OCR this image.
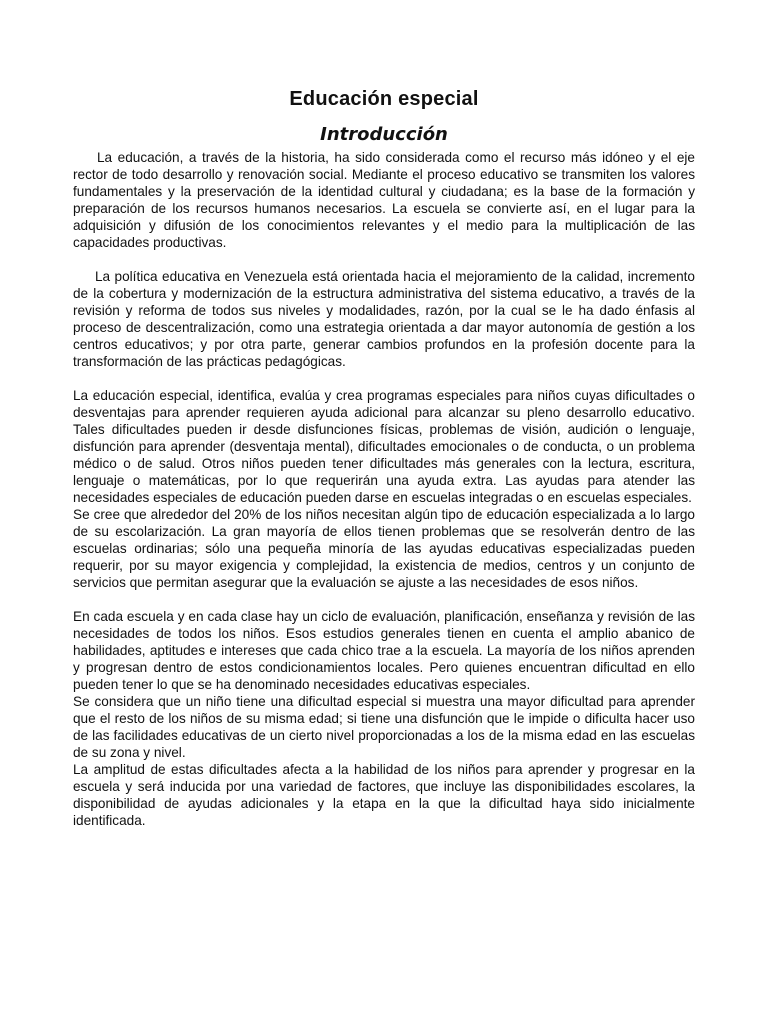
Educación especial
Introducción

La educación, a través de la historia, ha sido considerada como el recurso más idóneo y el eje rector de todo desarrollo y renovación social. Mediante el proceso educativo se transmiten los valores fundamentales y la preservación de la identidad cultural y ciudadana; es la base de la formación y preparación de los recursos humanos necesarios. La escuela se convierte así, en el lugar para la adquisición y difusión de los conocimientos relevantes y el medio para la multiplicación de las capacidades productivas.

La política educativa en Venezuela está orientada hacia el mejoramiento de la calidad, incremento de la cobertura y modernización de la estructura administrativa del sistema educativo, a través de la revisión y reforma de todos sus niveles y modalidades, razón, por la cual se le ha dado énfasis al proceso de descentralización, como una estrategia orientada a dar mayor autonomía de gestión a los centros educativos; y por otra parte, generar cambios profundos en la profesión docente para la transformación de las prácticas pedagógicas.

La educación especial, identifica, evalúa y crea programas especiales para niños cuyas dificultades o desventajas para aprender requieren ayuda adicional para alcanzar su pleno desarrollo educativo. Tales dificultades pueden ir desde disfunciones físicas, problemas de visión, audición o lenguaje, disfunción para aprender (desventaja mental), dificultades emocionales o de conducta, o un problema médico o de salud. Otros niños pueden tener dificultades más generales con la lectura, escritura, lenguaje o matemáticas, por lo que requerirán una ayuda extra. Las ayudas para atender las necesidades especiales de educación pueden darse en escuelas integradas o en escuelas especiales.

Se cree que alrededor del 20% de los niños necesitan algún tipo de educación especializada a lo largo de su escolarización. La gran mayoría de ellos tienen problemas que se resolverán dentro de las escuelas ordinarias; sólo una pequeña minoría de las ayudas educativas especializadas pueden requerir, por su mayor exigencia y complejidad, la existencia de medios, centros y un conjunto de servicios que permitan asegurar que la evaluación se ajuste a las necesidades de esos niños.

En cada escuela y en cada clase hay un ciclo de evaluación, planificación, enseñanza y revisión de las necesidades de todos los niños. Esos estudios generales tienen en cuenta el amplio abanico de habilidades, aptitudes e intereses que cada chico trae a la escuela. La mayoría de los niños aprenden y progresan dentro de estos condicionamientos locales. Pero quienes encuentran dificultad en ello pueden tener lo que se ha denominado necesidades educativas especiales.

Se considera que un niño tiene una dificultad especial si muestra una mayor dificultad para aprender que el resto de los niños de su misma edad; si tiene una disfunción que le impide o dificulta hacer uso de las facilidades educativas de un cierto nivel proporcionadas a los de la misma edad en las escuelas de su zona y nivel.

La amplitud de estas dificultades afecta a la habilidad de los niños para aprender y progresar en la escuela y será inducida por una variedad de factores, que incluye las disponibilidades escolares, la disponibilidad de ayudas adicionales y la etapa en la que la dificultad haya sido inicialmente identificada.
